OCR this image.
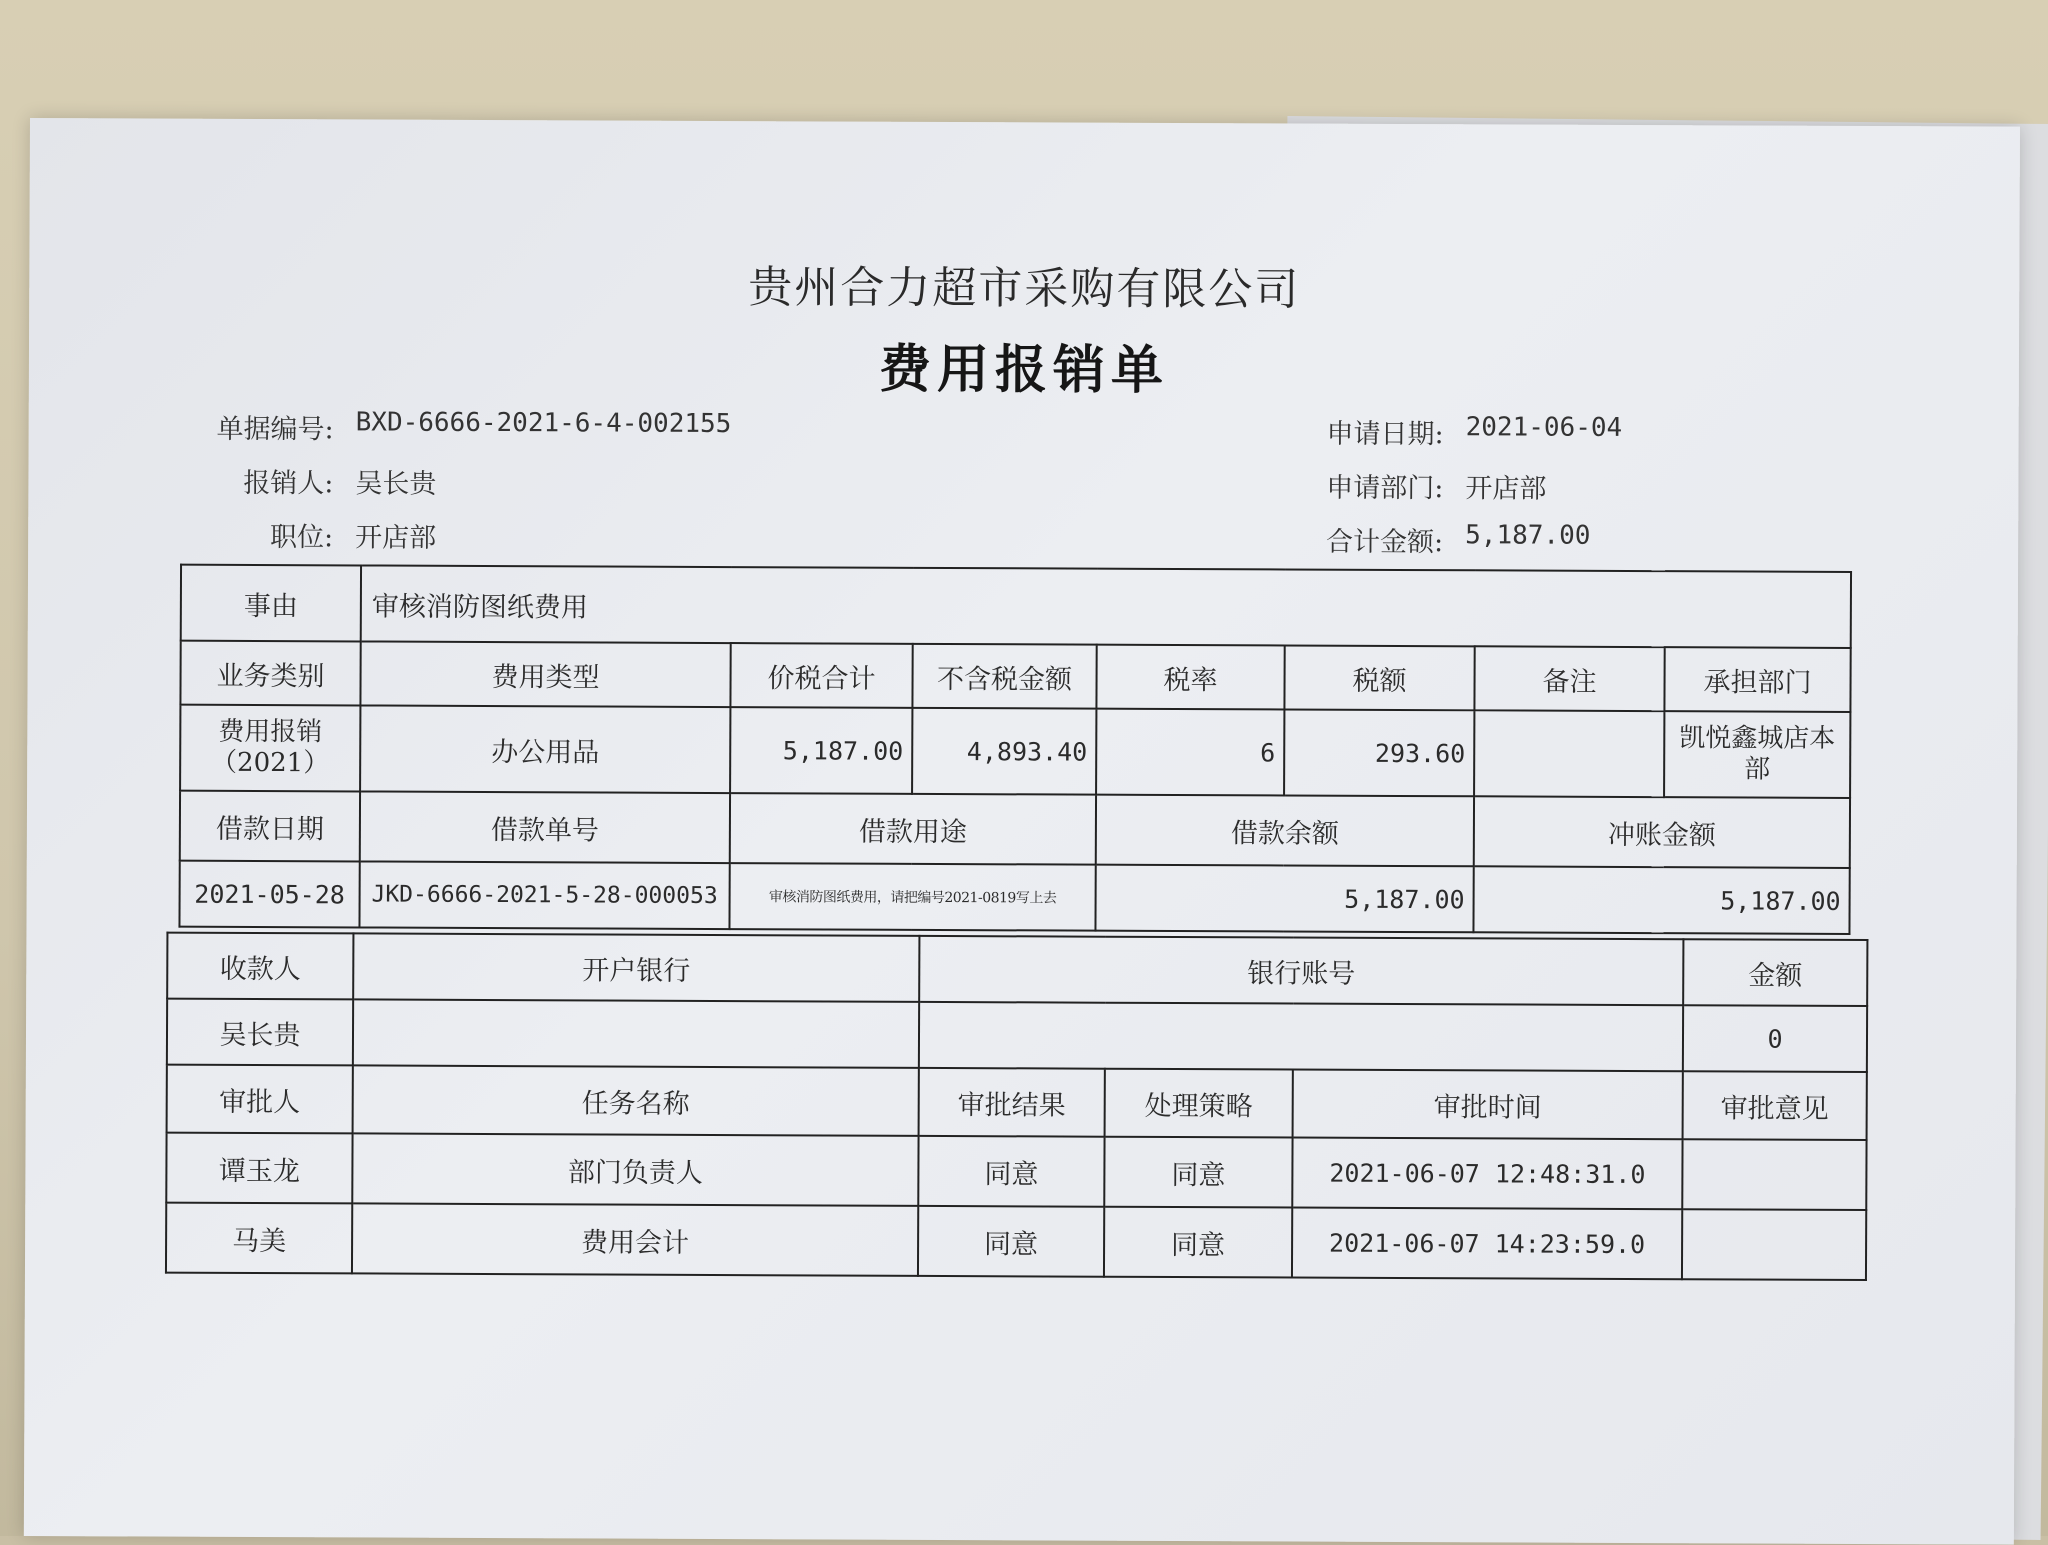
贵州合力超市采购有限公司
费用报销单
单据编号: BXD-6666-2021-6-4-002155
报销人: 吴长贵
职位: 开店部
申请日期: 2021-06-04
申请部门: 开店部
合计金额: 5,187.00
事由	审核消防图纸费用						
业务类别	费用类型	价税合计	不含税金额	税率	税额	备注	承担部门
费用报销（2021）	办公用品	5,187.00	4,893.40	6	293.60		凯悦鑫城店本部
借款日期	借款单号	借款用途		借款余额		冲账金额	
2021-05-28	JKD-6666-2021-5-28-000053	审核消防图纸费用，请把编号2021-0819写上去		5,187.00		5,187.00	
收款人	开户银行	银行账号			金额
吴长贵					0
审批人	任务名称	审批结果	处理策略	审批时间	审批意见
谭玉龙	部门负责人	同意	同意	2021-06-07 12:48:31.0	
马美	费用会计	同意	同意	2021-06-07 14:23:59.0	
